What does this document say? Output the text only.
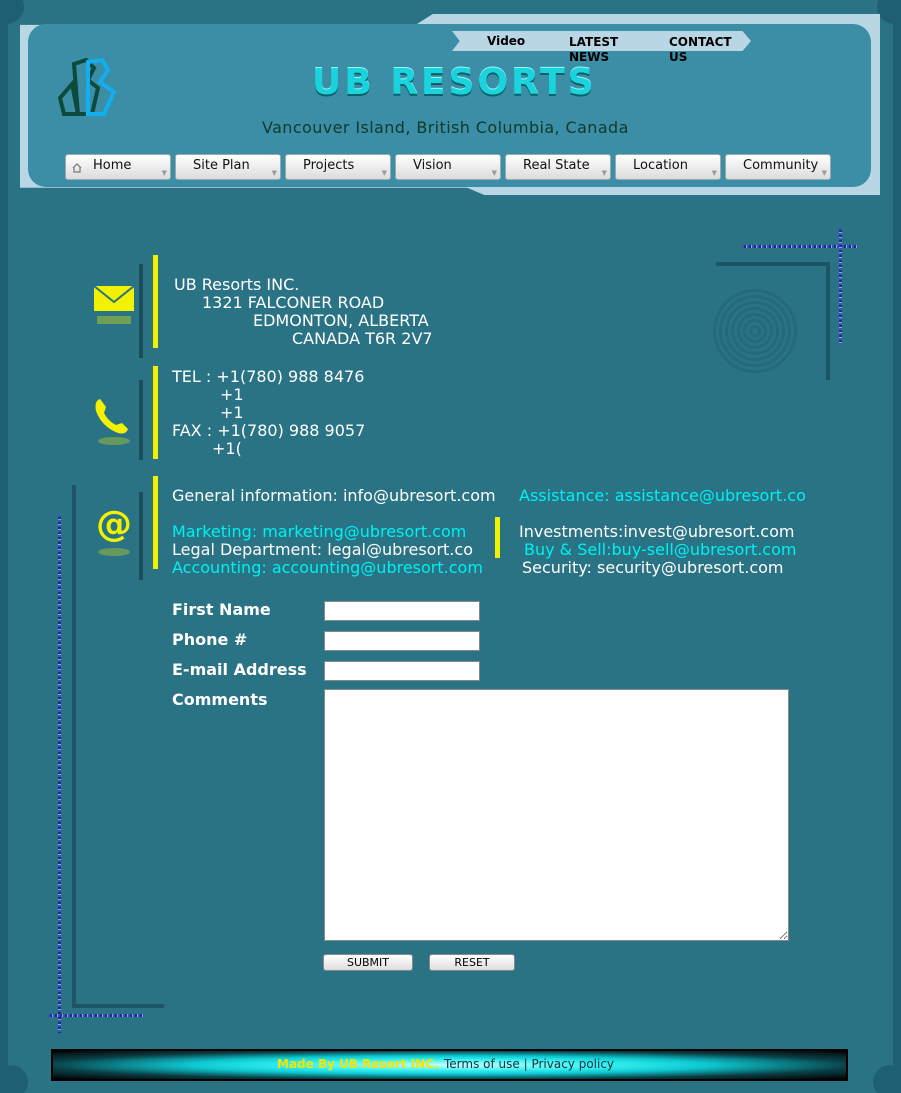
UB RESORTS
Vancouver Island, British Columbia, Canada
Video	LATEST
NEWS
CONTACT
US
Home	▼	Site Plan	▼	Projects	▼	Vision	▼	Real State ▼	Location	▼	Community ▼
UB Resorts INC.
1321 FALCONER ROAD
EDMONTON, ALBERTA
CANADA T6R 2V7
TEL : +1(780) 988 8476
+1
+1
FAX : +1(780) 988 9057
+1(
@
General information: info@ubresort.com
Marketing: marketing@ubresort.com
Legal Department: legal@ubresort.co
Accounting: accounting@ubresort.com
Assistance: assistance@ubresort.co
Investments:invest@ubresort.com
Buy & Sell:buy-sell@ubresort.com
Security: security@ubresort.com
First Name
Phone #
E-mail Address
Comments
SUBMIT	RESET
Made By UB Resort INC. Terms of use | Privacy policy
